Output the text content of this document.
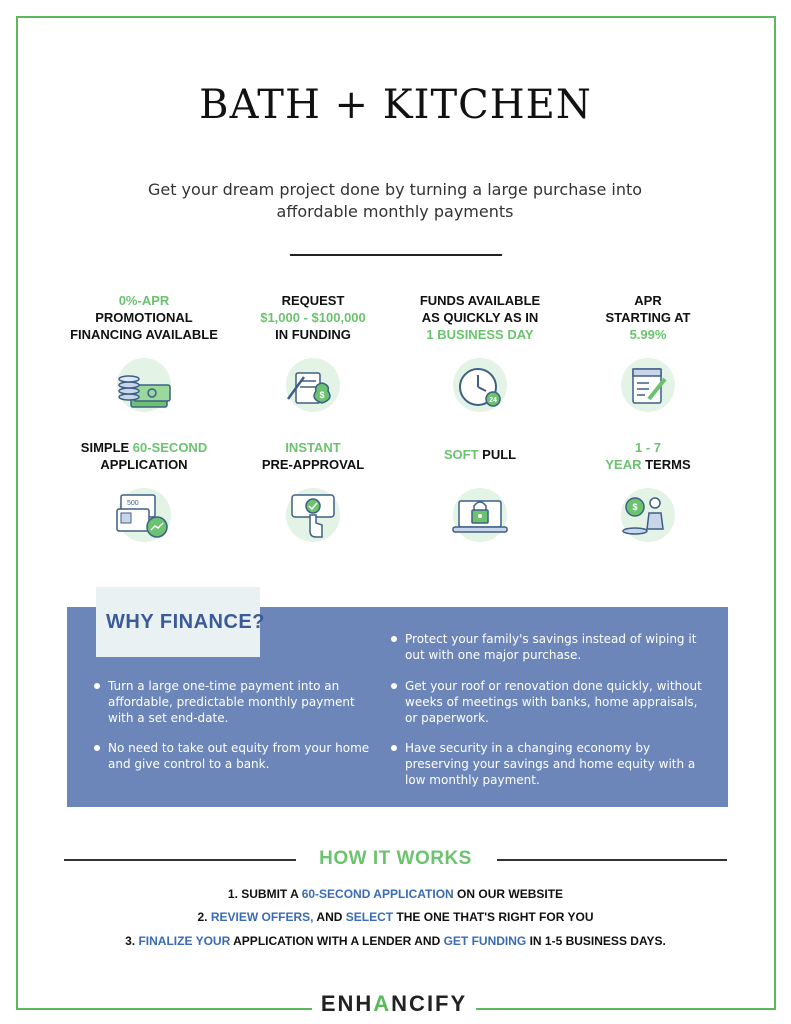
BATH + KITCHEN
Get your dream project done by turning a large purchase into
affordable monthly payments
0%-APR
PROMOTIONAL
FINANCING AVAILABLE
REQUEST
$1,000 - $100,000
IN FUNDING
$
FUNDS AVAILABLE
AS QUICKLY AS IN
1 BUSINESS DAY
24
APR
STARTING AT
5.99%
SIMPLE 60-SECOND
APPLICATION
500
INSTANT
PRE-APPROVAL
SOFT PULL	1 - 7
YEAR TERMS
$
WHY FINANCE?
Turn a large one-time payment into an affordable, predictable monthly payment with a set end-date.
No need to take out equity from your home and give control to a bank.
Protect your family's savings instead of wiping it out with one major purchase.
Get your roof or renovation done quickly, without weeks of meetings with banks, home appraisals, or paperwork.
Have security in a changing economy by preserving your savings and home equity with a low monthly payment.
HOW IT WORKS
1. SUBMIT A 60-SECOND APPLICATION ON OUR WEBSITE
2. REVIEW OFFERS, AND SELECT THE ONE THAT'S RIGHT FOR YOU
3. FINALIZE YOUR APPLICATION WITH A LENDER AND GET FUNDING IN 1-5 BUSINESS DAYS.
ENHANCIFY
